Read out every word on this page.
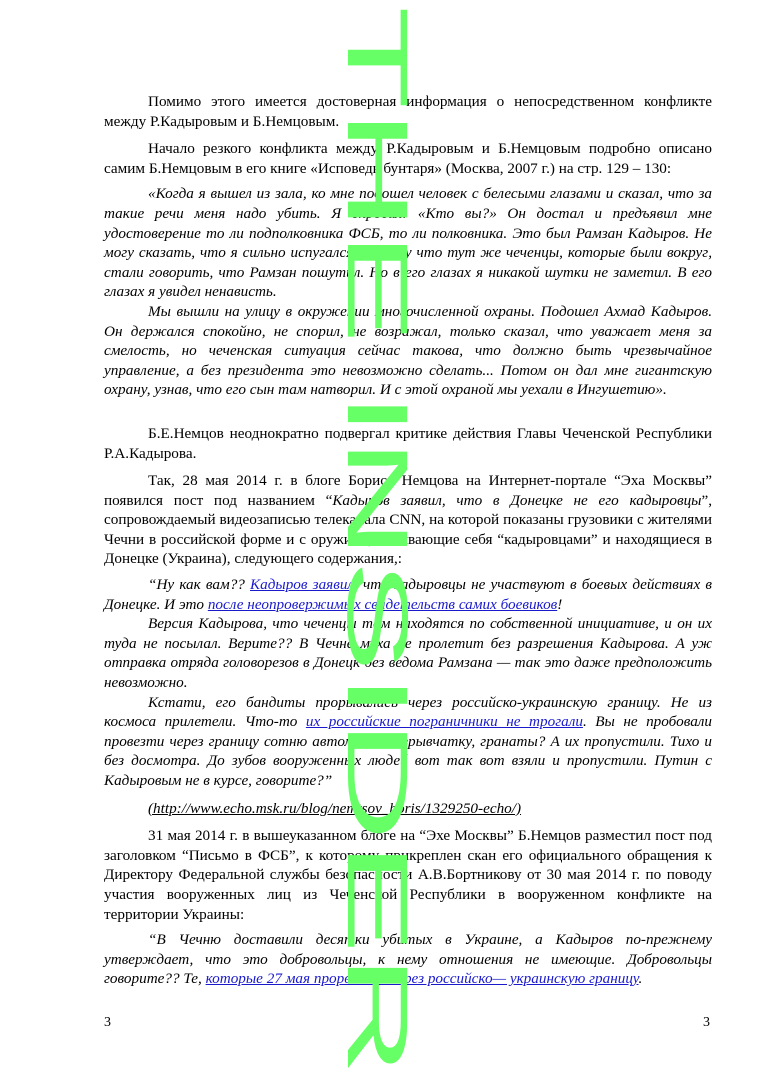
Помимо этого имеется достоверная информация о непосредственном конфликте между Р.Кадыровым и Б.Немцовым.

Начало резкого конфликта между Р.Кадыровым и Б.Немцовым подробно описано самим Б.Немцовым в его книге «Исповедь бунтаря» (Москва, 2007 г.) на стр. 129 – 130:

«Когда я вышел из зала, ко мне подошел человек с белесыми глазами и сказал, что за такие речи меня надо убить. Я спросил: «Кто вы?» Он достал и предъявил мне удостоверение то ли подполковника ФСБ, то ли полковника. Это был Рамзан Кадыров. Не могу сказать, что я сильно испугался, потому что тут же чеченцы, которые были вокруг, стали говорить, что Рамзан пошутил. Но в его глазах я никакой шутки не заметил. В его глазах я увидел ненависть.

Мы вышли на улицу в окружении многочисленной охраны. Подошел Ахмад Кадыров. Он держался спокойно, не спорил, не возражал, только сказал, что уважает меня за смелость, но чеченская ситуация сейчас такова, что должно быть чрезвычайное управление, а без президента это невозможно сделать... Потом он дал мне гигантскую охрану, узнав, что его сын там натворил. И с этой охраной мы уехали в Ингушетию».

Б.Е.Немцов неоднократно подвергал критике действия Главы Чеченской Республики Р.А.Кадырова.

Так, 28 мая 2014 г. в блоге Бориса Немцова на Интернет-портале “Эха Москвы” появился пост под названием “Кадыров заявил, что в Донецке не его кадыровцы”, сопровождаемый видеозаписью телеканала CNN, на которой показаны грузовики с жителями Чечни в российской форме и с оружием, называющие себя “кадыровцами” и находящиеся в Донецке (Украина), следующего содержания,:

“Ну как вам?? Кадыров заявил, что кадыровцы не участвуют в боевых действиях в Донецке. И это после неопровержимых свидетельств самих боевиков!

Версия Кадырова, что чеченцы там находятся по собственной инициативе, и он их туда не посылал. Верите?? В Чечне муха не пролетит без разрешения Кадырова. А уж отправка отряда головорезов в Донецк без ведома Рамзана — так это даже предположить невозможно.

Кстати, его бандиты прорывались через российско-украинскую границу. Не из космоса прилетели. Что-то их российские пограничники не трогали. Вы не пробовали провезти через границу сотню автоматов, взрывчатку, гранаты? А их пропустили. Тихо и без досмотра. До зубов вооруженных людей вот так вот взяли и пропустили. Путин с Кадыровым не в курсе, говорите?”

(http://www.echo.msk.ru/blog/nemtsov_boris/1329250-echo/)

31 мая 2014 г. в вышеуказанном блоге на “Эхе Москвы” Б.Немцов разместил пост под заголовком “Письмо в ФСБ”, к которому прикреплен скан его официального обращения к Директору Федеральной службы безопасности А.В.Бортникову от 30 мая 2014 г. по поводу участия вооруженных лиц из Чеченской Республики в вооруженном конфликте на территории Украины:

“В Чечню доставили десятки убитых в Украине, а Кадыров по-прежнему утверждает, что это добровольцы, к нему отношения не имеющие. Добровольцы говорите?? Те, которые 27 мая прорвались через российско— украинскую границу.

3	3
THE INSIDER
